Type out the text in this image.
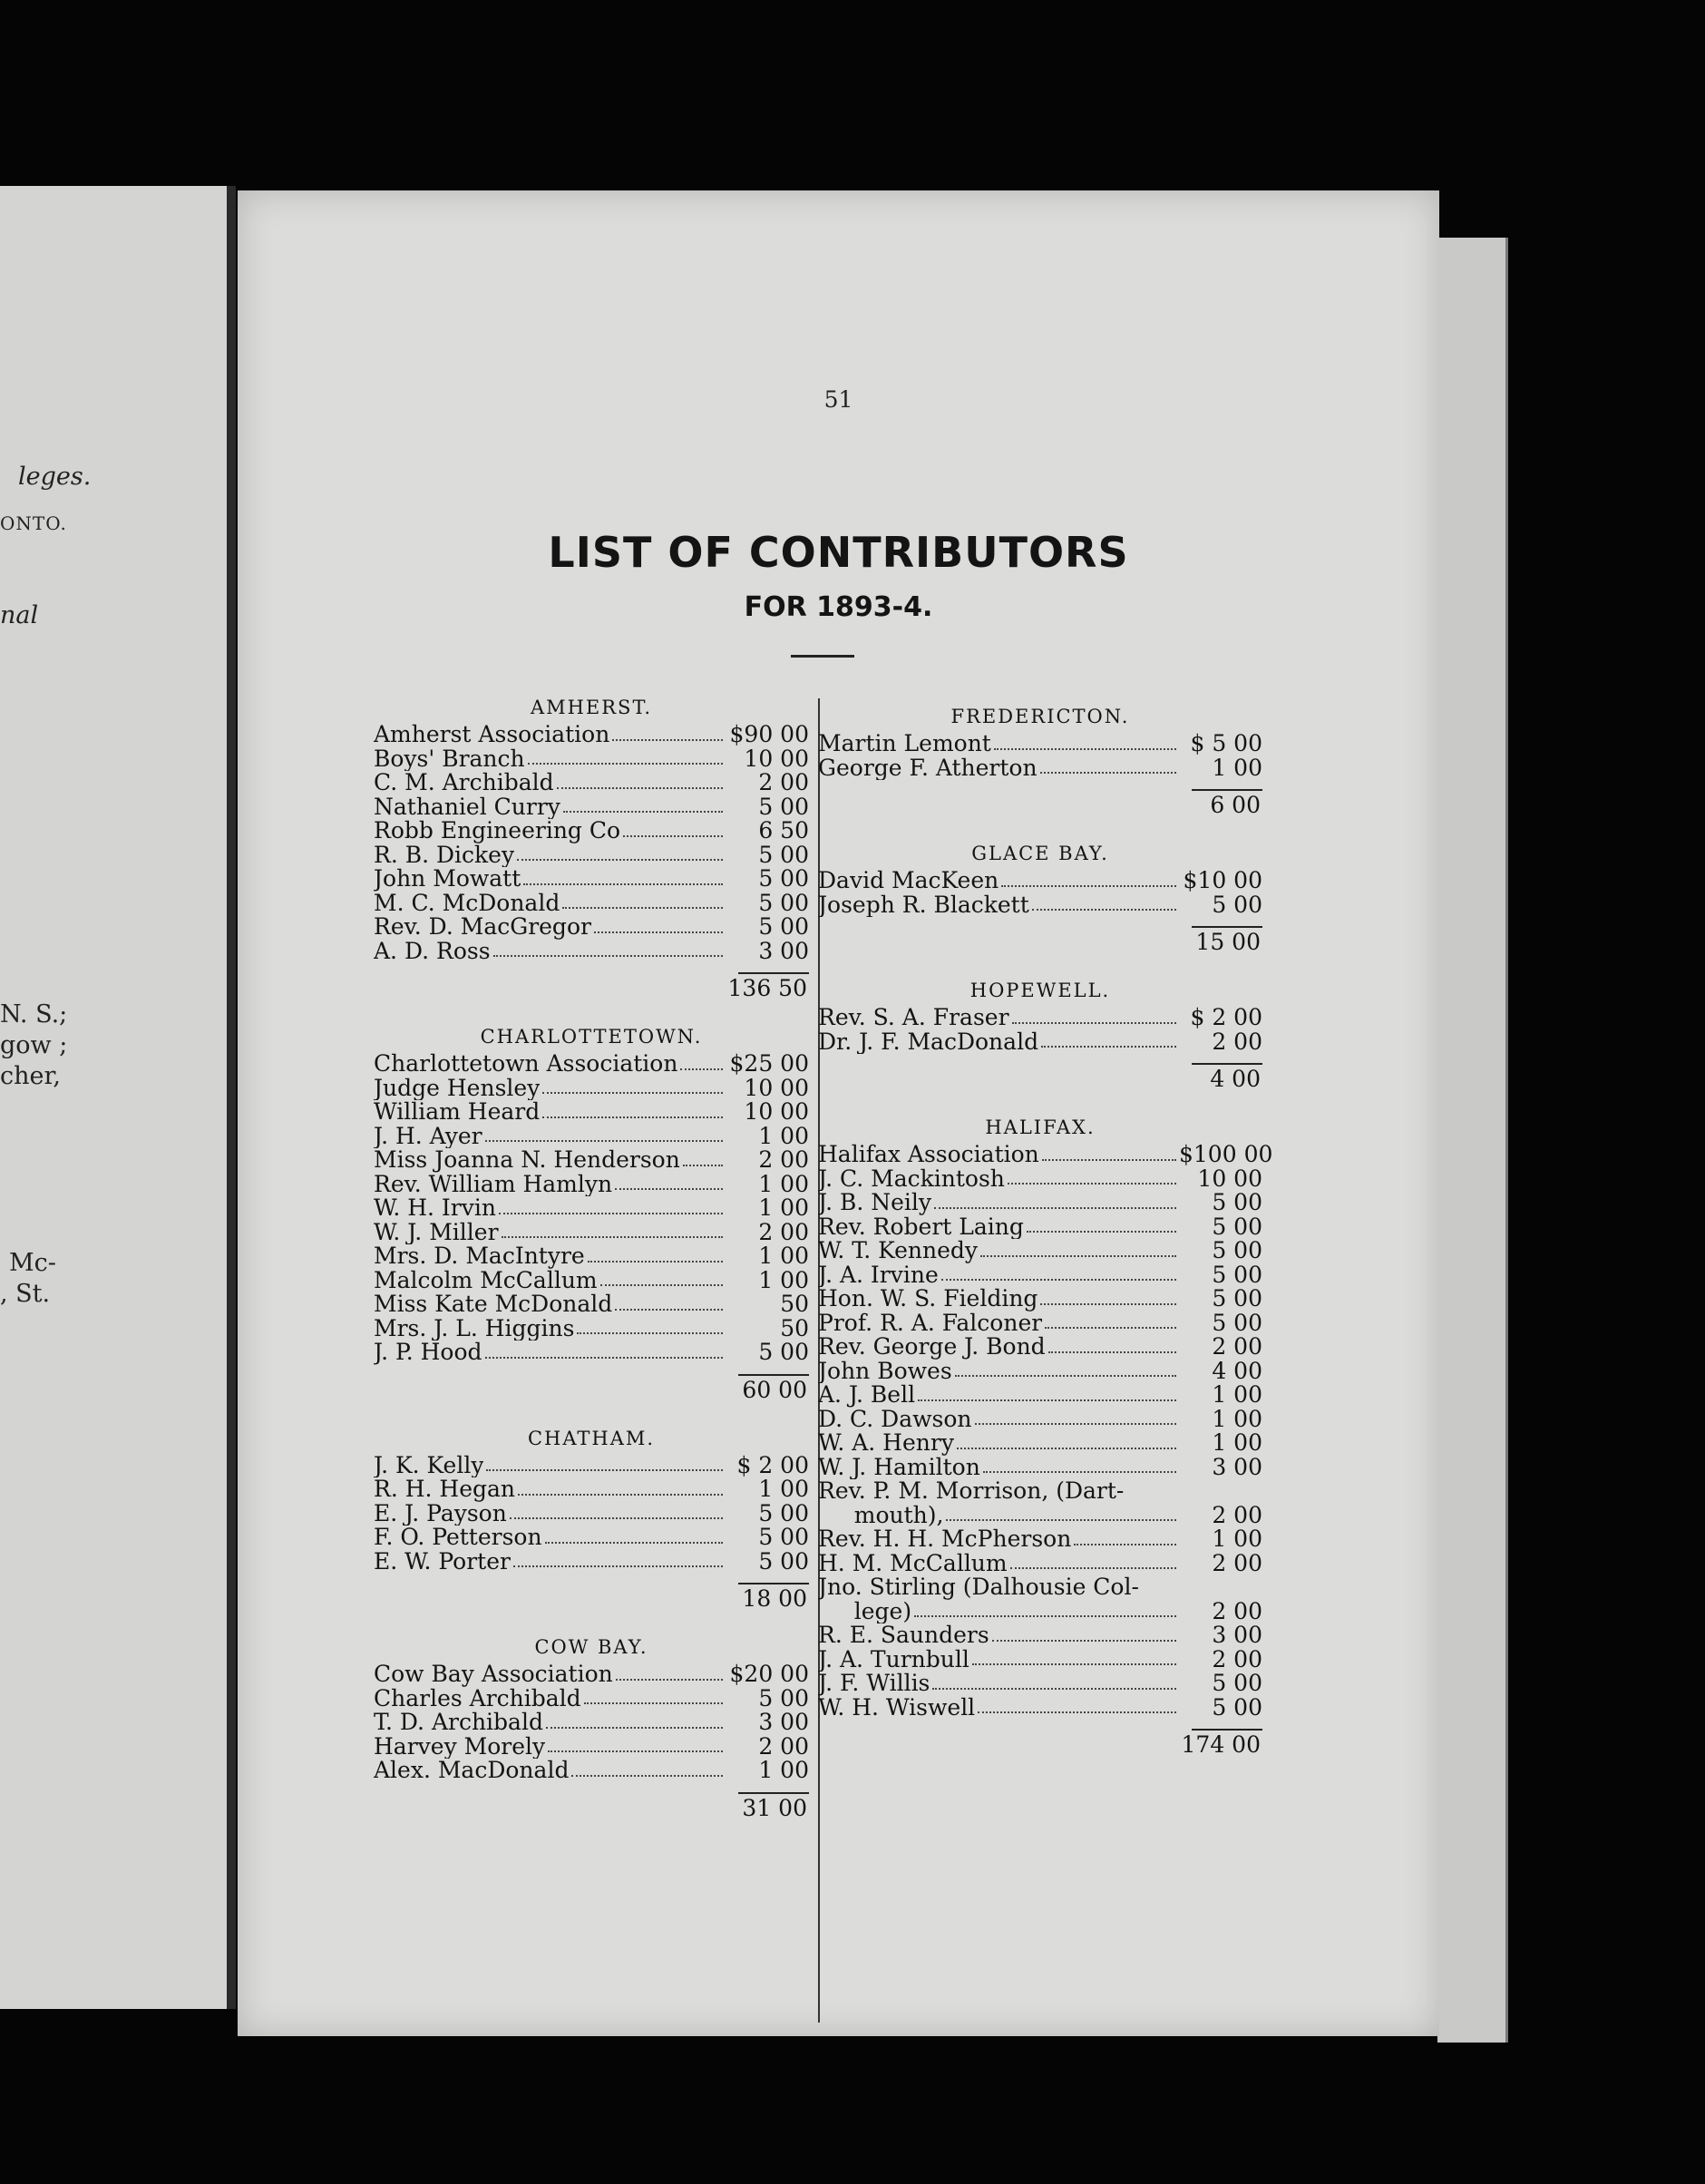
leges.
ONTO.
nal
N. S.;
gow ;
cher,
Mc-
, St.
51
LIST OF CONTRIBUTORS
FOR 1893-4.
AMHERST.
Amherst Association	$90 00
Boys' Branch	10 00
C. M. Archibald	2 00
Nathaniel Curry	5 00
Robb Engineering Co	6 50
R. B. Dickey	5 00
John Mowatt	5 00
M. C. McDonald	5 00
Rev. D. MacGregor	5 00
A. D. Ross	3 00
136 50
CHARLOTTETOWN.
Charlottetown Association $25 00
Judge Hensley	10 00
William Heard	10 00
J. H. Ayer	1 00
Miss Joanna N. Henderson	2 00
Rev. William Hamlyn	1 00
W. H. Irvin	1 00
W. J. Miller	2 00
Mrs. D. MacIntyre	1 00
Malcolm McCallum	1 00
Miss Kate McDonald	50
Mrs. J. L. Higgins	50
J. P. Hood	5 00
60 00
CHATHAM.
J. K. Kelly	$ 2 00
R. H. Hegan	1 00
E. J. Payson	5 00
F. O. Petterson	5 00
E. W. Porter	5 00
18 00
COW BAY.
Cow Bay Association	$20 00
Charles Archibald	5 00
T. D. Archibald	3 00
Harvey Morely	2 00
Alex. MacDonald	1 00
31 00
FREDERICTON.
Martin Lemont	$ 5 00
George F. Atherton	1 00
6 00
GLACE BAY.
David MacKeen	$10 00
Joseph R. Blackett	5 00
15 00
HOPEWELL.
Rev. S. A. Fraser	$ 2 00
Dr. J. F. MacDonald	2 00
4 00
HALIFAX.
Halifax Association	$100 00
J. C. Mackintosh	10 00
J. B. Neily	5 00
Rev. Robert Laing	5 00
W. T. Kennedy	5 00
J. A. Irvine	5 00
Hon. W. S. Fielding	5 00
Prof. R. A. Falconer	5 00
Rev. George J. Bond	2 00
John Bowes	4 00
A. J. Bell	1 00
D. C. Dawson	1 00
W. A. Henry	1 00
W. J. Hamilton	3 00
Rev. P. M. Morrison, (Dart-
mouth),	2 00
Rev. H. H. McPherson	1 00
H. M. McCallum	2 00
Jno. Stirling (Dalhousie Col-
lege)	2 00
R. E. Saunders	3 00
J. A. Turnbull	2 00
J. F. Willis	5 00
W. H. Wiswell	5 00
174 00
